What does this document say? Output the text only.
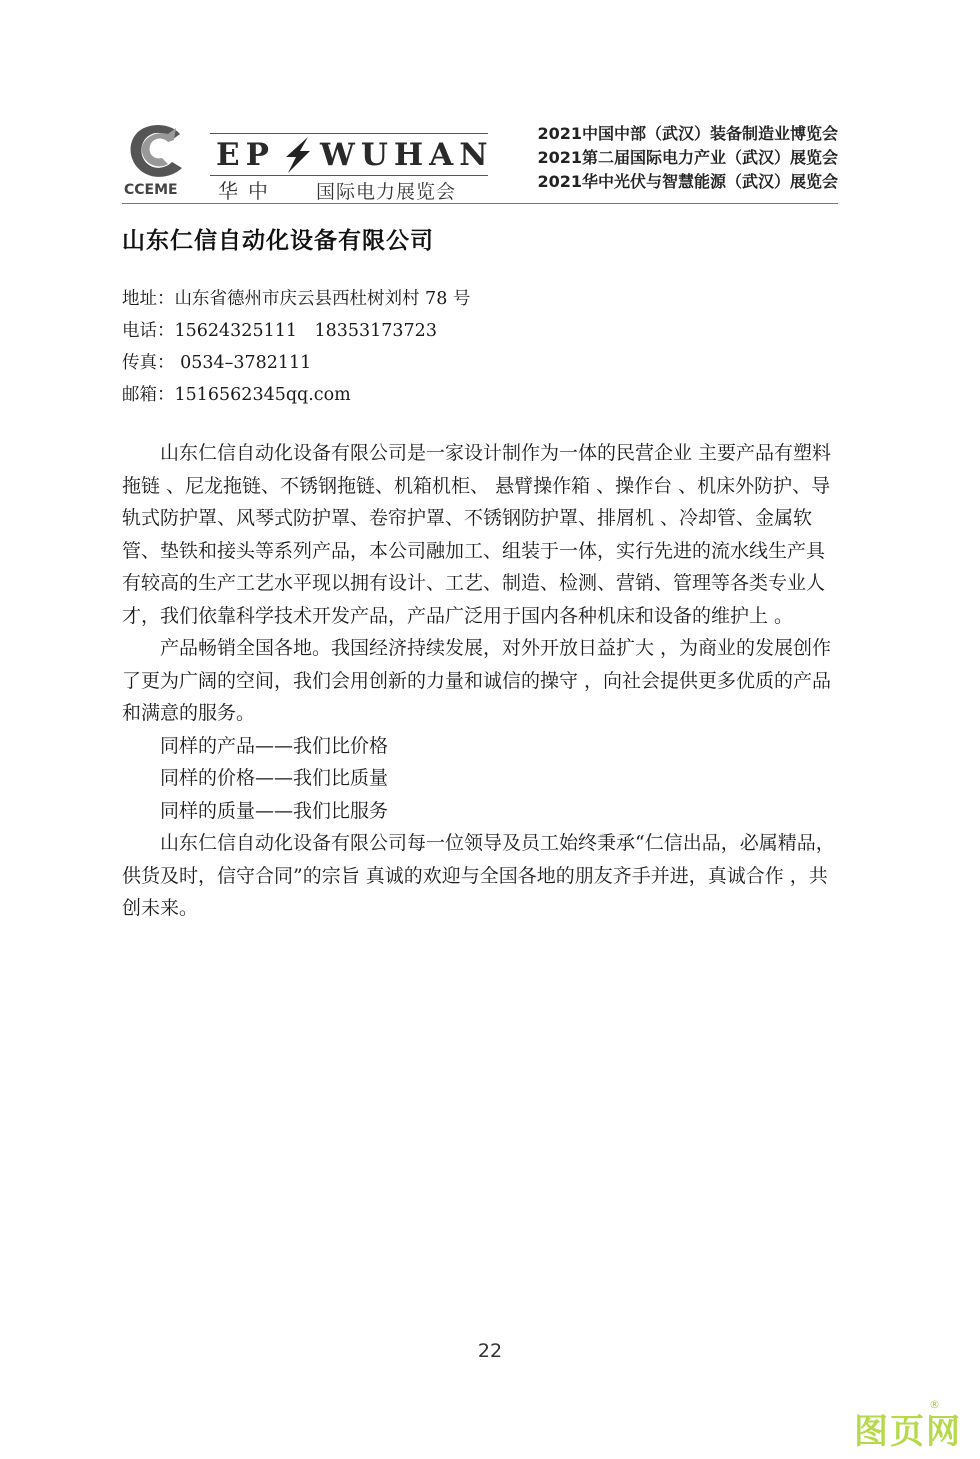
CCEME
EP WUHAN
华中 国际电力展览会
2021中国中部（武汉）装备制造业博览会
2021第二届国际电力产业（武汉）展览会
2021华中光伏与智慧能源（武汉）展览会
山东仁信自动化设备有限公司
地址：山东省德州市庆云县西杜树刘村 78 号
电话：15624325111　18353173723
传真： 0534–3782111
邮箱：1516562345qq.com

山东仁信自动化设备有限公司是一家设计制作为一体的民营企业 主要产品有塑料拖链 、尼龙拖链、不锈钢拖链、机箱机柜、 悬臂操作箱 、操作台 、机床外防护、导轨式防护罩、风琴式防护罩、卷帘护罩、不锈钢防护罩、排屑机 、冷却管、金属软管、垫铁和接头等系列产品，本公司融加工、组装于一体，实行先进的流水线生产具有较高的生产工艺水平现以拥有设计、工艺、制造、检测、营销、管理等各类专业人才，我们依靠科学技术开发产品，产品广泛用于国内各种机床和设备的维护上 。

产品畅销全国各地。我国经济持续发展，对外开放日益扩大 ，为商业的发展创作了更为广阔的空间，我们会用创新的力量和诚信的操守 ，向社会提供更多优质的产品和满意的服务。

同样的产品——我们比价格

同样的价格——我们比质量

同样的质量——我们比服务

山东仁信自动化设备有限公司每一位领导及员工始终秉承“仁信出品，必属精品，供货及时，信守合同”的宗旨 真诚的欢迎与全国各地的朋友齐手并进，真诚合作 ，共创未来。

22
图页网
®
